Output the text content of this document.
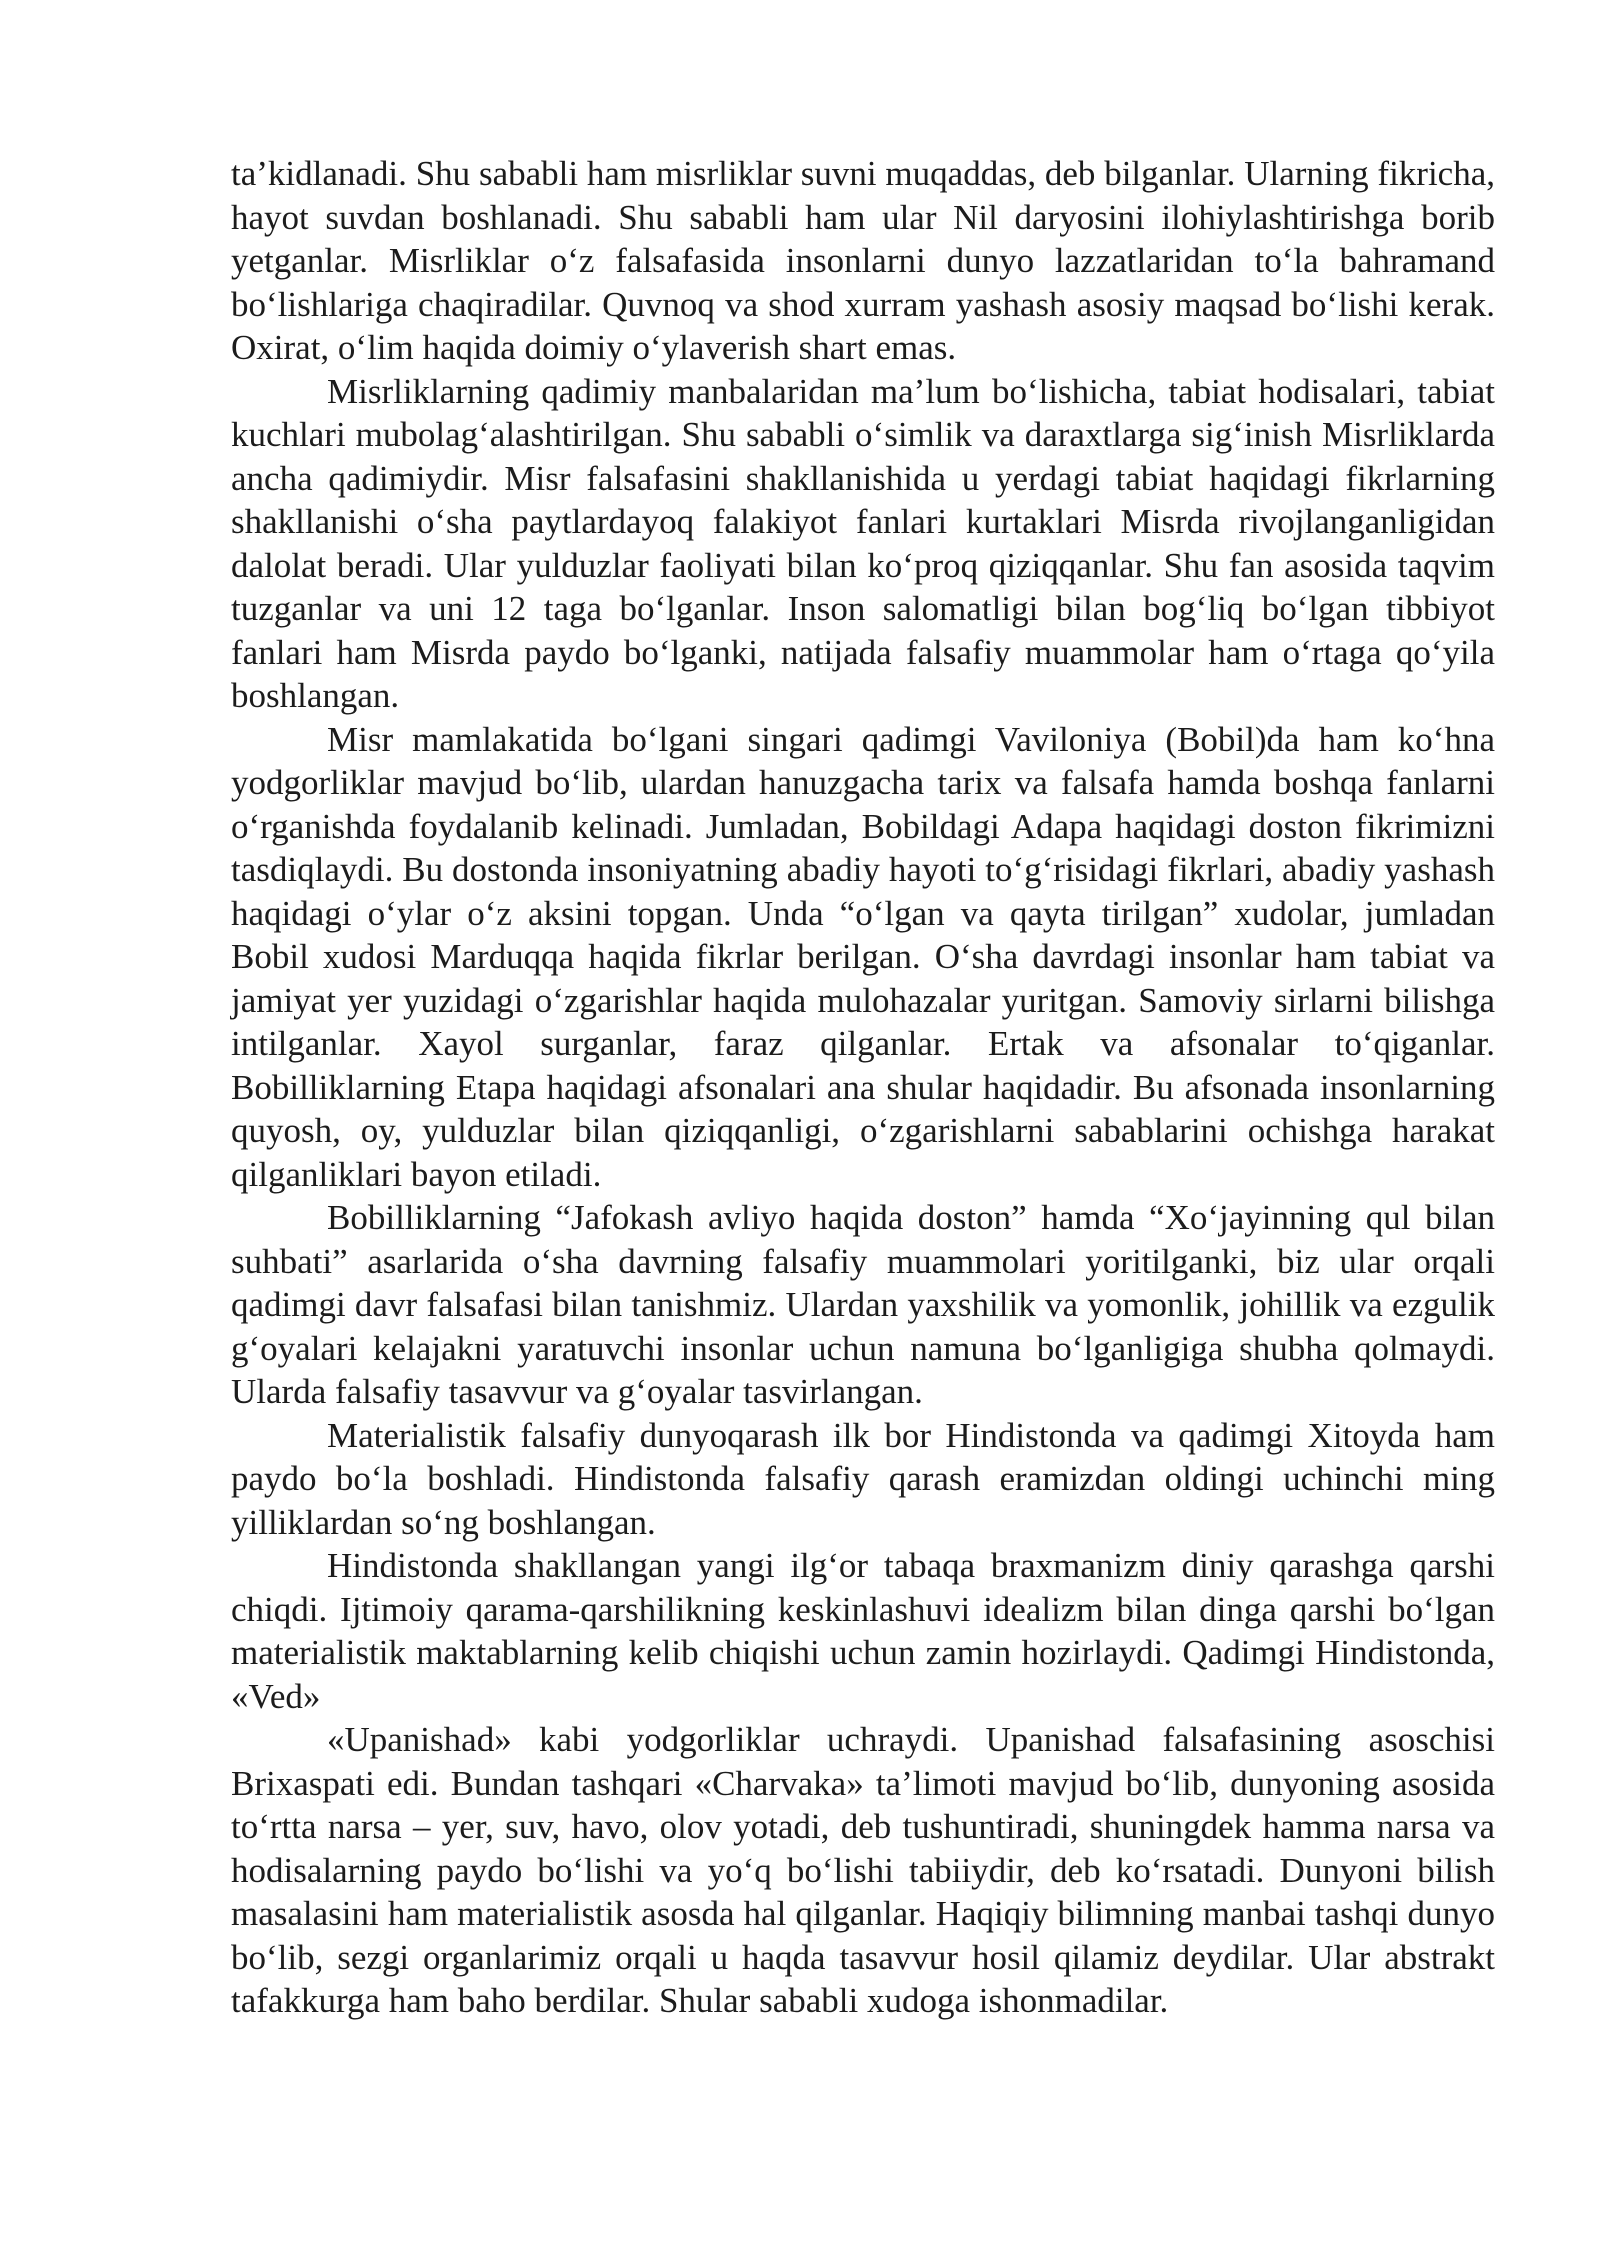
ta’kidlanadi. Shu sababli ham misrliklar suvni muqaddas, deb bilganlar. Ularning fikricha, hayot suvdan boshlanadi. Shu sababli ham ular Nil daryosini ilohiylashtirishga borib yetganlar. Misrliklar o‘z falsafasida insonlarni dunyo lazzatlaridan to‘la bahramand bo‘lishlariga chaqiradilar. Quvnoq va shod xurram yashash asosiy maqsad bo‘lishi kerak. Oxirat, o‘lim haqida doimiy o‘ylaverish shart emas.

Misrliklarning qadimiy manbalaridan ma’lum bo‘lishicha, tabiat hodisalari, tabiat kuchlari mubolag‘alashtirilgan. Shu sababli o‘simlik va daraxtlarga sig‘inish Misrliklarda ancha qadimiydir. Misr falsafasini shakllanishida u yerdagi tabiat haqidagi fikrlarning shakllanishi o‘sha paytlardayoq falakiyot fanlari kurtaklari Misrda rivojlanganligidan dalolat beradi. Ular yulduzlar faoliyati bilan ko‘proq qiziqqanlar. Shu fan asosida taqvim tuzganlar va uni 12 taga bo‘lganlar. Inson salomatligi bilan bog‘liq bo‘lgan tibbiyot fanlari ham Misrda paydo bo‘lganki, natijada falsafiy muammolar ham o‘rtaga qo‘yila boshlangan.

Misr mamlakatida bo‘lgani singari qadimgi Vaviloniya (Bobil)da ham ko‘hna yodgorliklar mavjud bo‘lib, ulardan hanuzgacha tarix va falsafa hamda boshqa fanlarni o‘rganishda foydalanib kelinadi. Jumladan, Bobildagi Adapa haqidagi doston fikrimizni tasdiqlaydi. Bu dostonda insoniyatning abadiy hayoti to‘g‘risidagi fikrlari, abadiy yashash haqidagi o‘ylar o‘z aksini topgan. Unda “o‘lgan va qayta tirilgan” xudolar, jumladan Bobil xudosi Marduqqa haqida fikrlar berilgan. O‘sha davrdagi insonlar ham tabiat va jamiyat yer yuzidagi o‘zgarishlar haqida mulohazalar yuritgan. Samoviy sirlarni bilishga intilganlar. Xayol surganlar, faraz qilganlar. Ertak va afsonalar to‘qiganlar. Bobilliklarning Etapa haqidagi afsonalari ana shular haqidadir. Bu afsonada insonlarning quyosh, oy, yulduzlar bilan qiziqqanligi, o‘zgarishlarni sabablarini ochishga harakat qilganliklari bayon etiladi.

Bobilliklarning “Jafokash avliyo haqida doston” hamda “Xo‘jayinning qul bilan suhbati” asarlarida o‘sha davrning falsafiy muammolari yoritilganki, biz ular orqali qadimgi davr falsafasi bilan tanishmiz. Ulardan yaxshilik va yomonlik, johillik va ezgulik g‘oyalari kelajakni yaratuvchi insonlar uchun namuna bo‘lganligiga shubha qolmaydi. Ularda falsafiy tasavvur va g‘oyalar tasvirlangan.

Materialistik falsafiy dunyoqarash ilk bor Hindistonda va qadimgi Xitoyda ham paydo bo‘la boshladi. Hindistonda falsafiy qarash eramizdan oldingi uchinchi ming yilliklardan so‘ng boshlangan.

Hindistonda shakllangan yangi ilg‘or tabaqa braxmanizm diniy qarashga qarshi chiqdi. Ijtimoiy qarama-qarshilikning keskinlashuvi idealizm bilan dinga qarshi bo‘lgan materialistik maktablarning kelib chiqishi uchun zamin hozirlaydi. Qadimgi Hindistonda, «Ved»

«Upanishad» kabi yodgorliklar uchraydi. Upanishad falsafasining asoschisi Brixaspati edi. Bundan tashqari «Charvaka» ta’limoti mavjud bo‘lib, dunyoning asosida to‘rtta narsa – yer, suv, havo, olov yotadi, deb tushuntiradi, shuningdek hamma narsa va hodisalarning paydo bo‘lishi va yo‘q bo‘lishi tabiiydir, deb ko‘rsatadi. Dunyoni bilish masalasini ham materialistik asosda hal qilganlar. Haqiqiy bilimning manbai tashqi dunyo bo‘lib, sezgi organlarimiz orqali u haqda tasavvur hosil qilamiz deydilar. Ular abstrakt tafakkurga ham baho berdilar. Shular sababli xudoga ishonmadilar.
